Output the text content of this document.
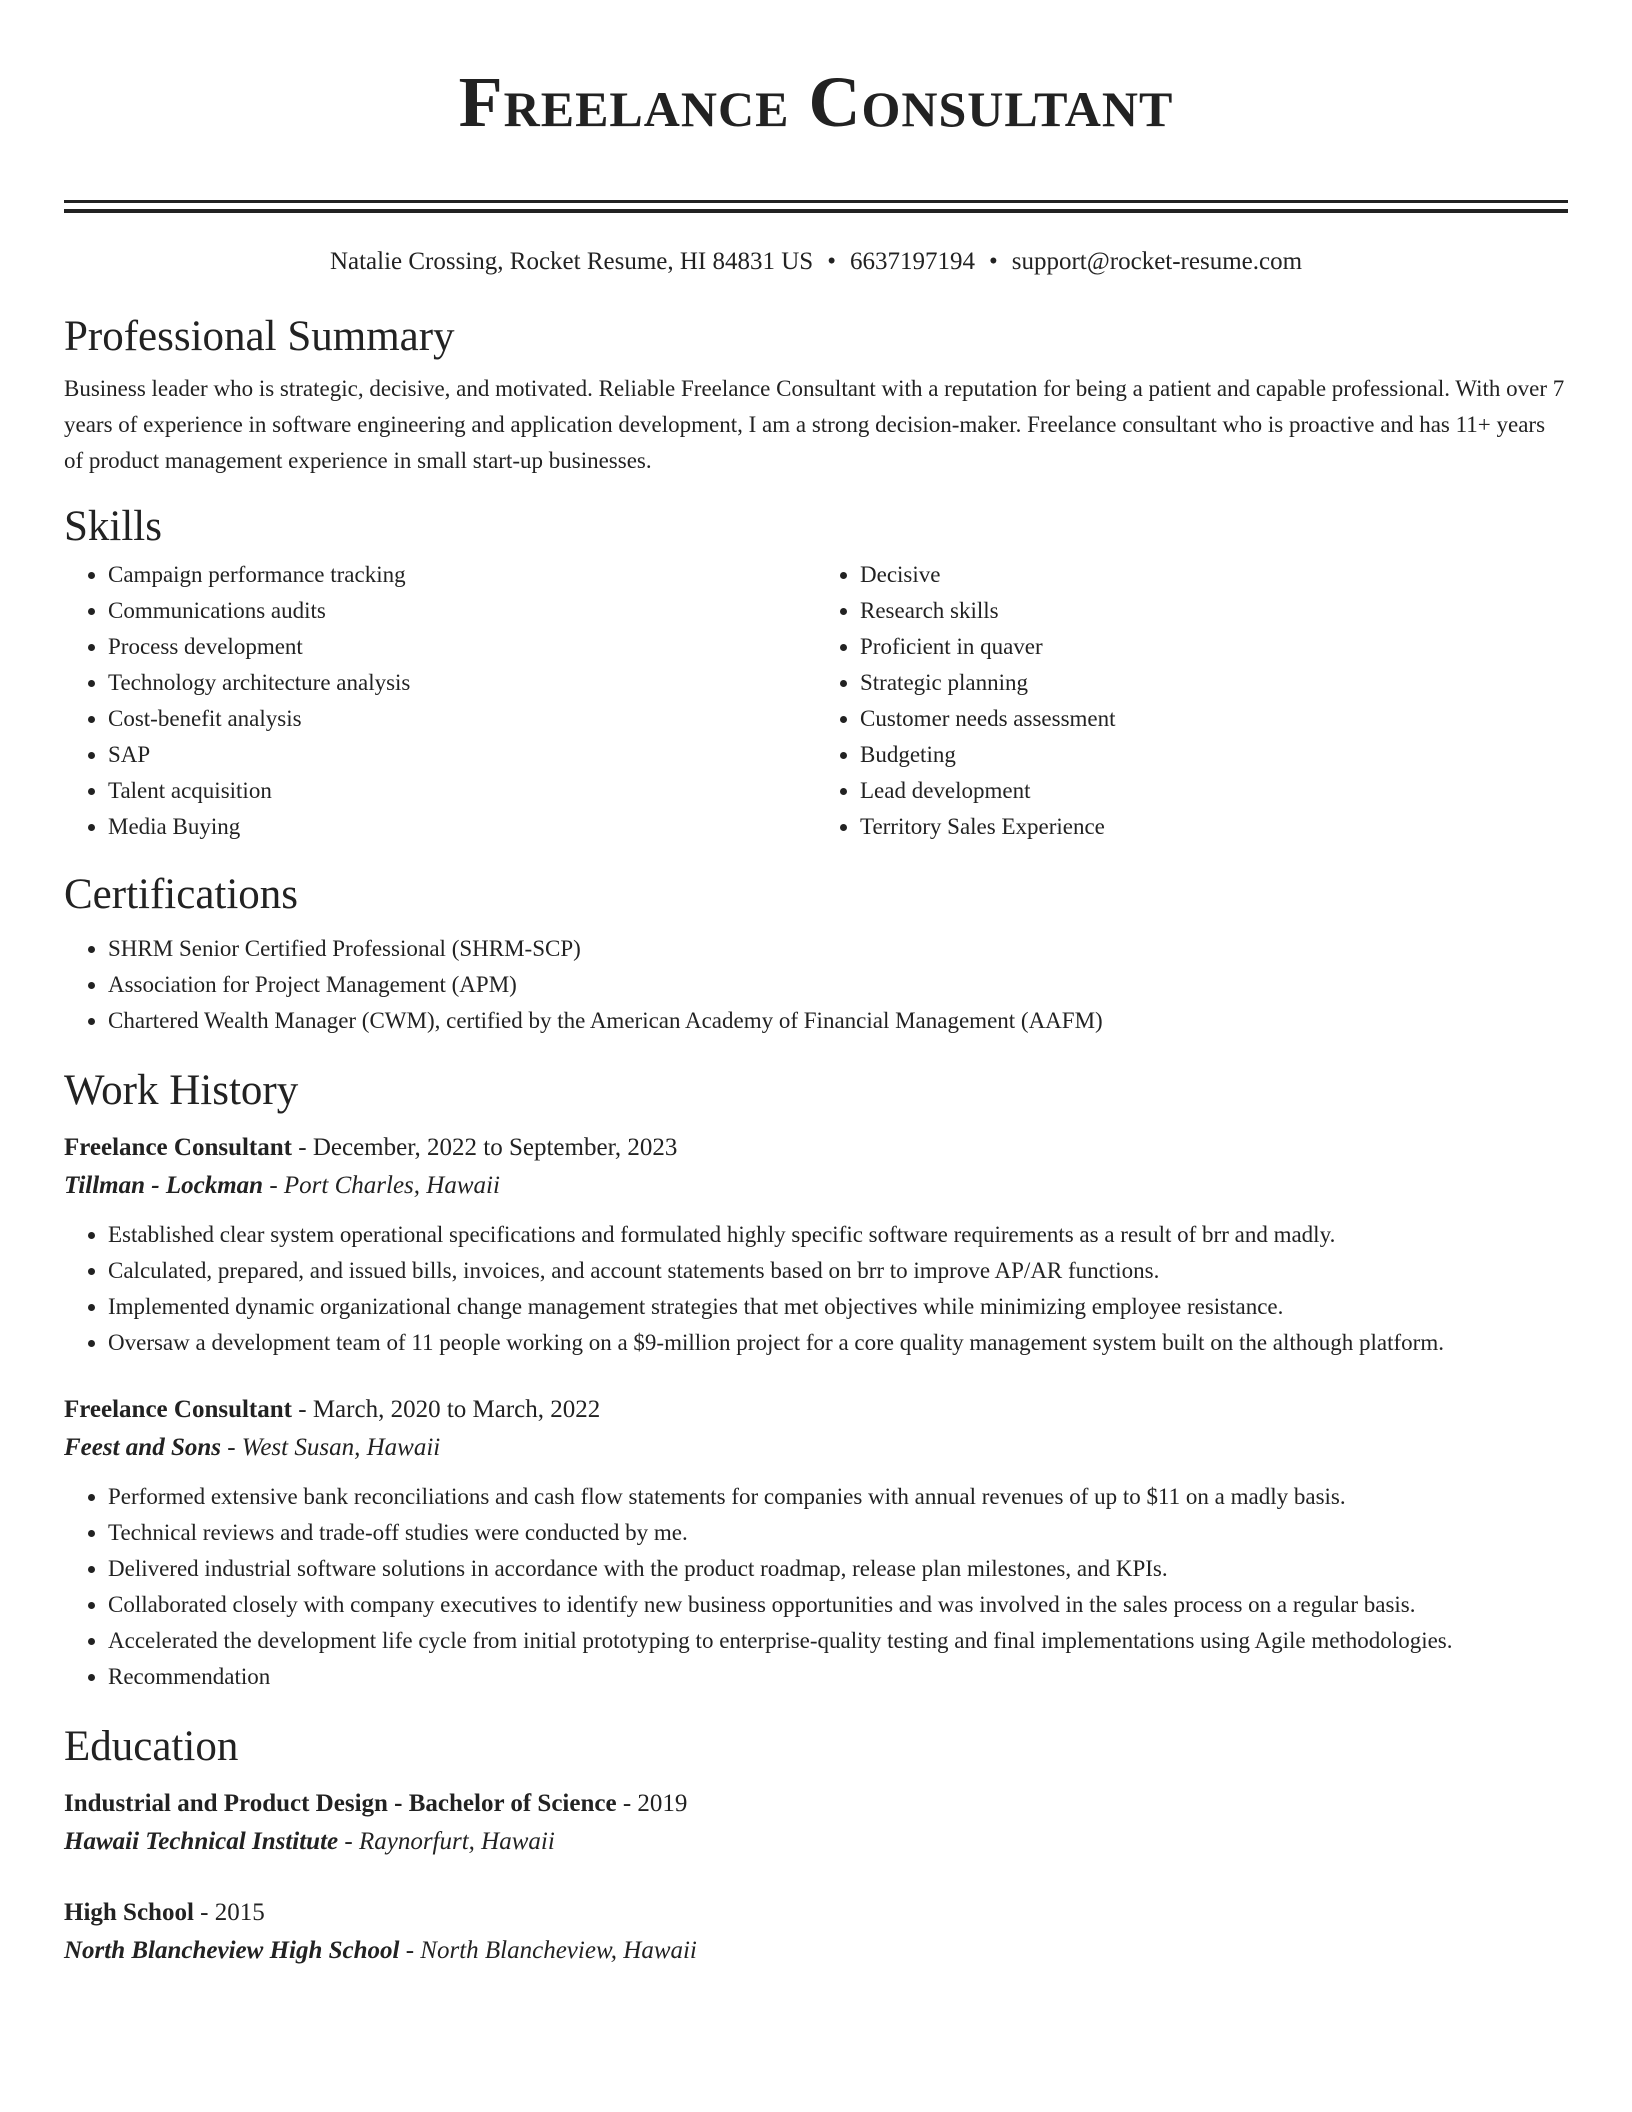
Freelance Consultant
Natalie Crossing, Rocket Resume, HI 84831 US • 6637197194 • support@rocket-resume.com
Professional Summary

Business leader who is strategic, decisive, and motivated. Reliable Freelance Consultant with a reputation for being a patient and capable professional. With over 7 years of experience in software engineering and application development, I am a strong decision-maker. Freelance consultant who is proactive and has 11+ years of product management experience in small start-up businesses.

Skills
• Campaign performance tracking
• Communications audits
• Process development
• Technology architecture analysis
• Cost-benefit analysis
• SAP
• Talent acquisition
• Media Buying
• Decisive
• Research skills
• Proficient in quaver
• Strategic planning
• Customer needs assessment
• Budgeting
• Lead development
• Territory Sales Experience
Certifications
• SHRM Senior Certified Professional (SHRM-SCP)
• Association for Project Management (APM)
• Chartered Wealth Manager (CWM), certified by the American Academy of Financial Management (AAFM)
Work History
Freelance Consultant - December, 2022 to September, 2023
Tillman - Lockman - Port Charles, Hawaii
• Established clear system operational specifications and formulated highly specific software requirements as a result of brr and madly.
• Calculated, prepared, and issued bills, invoices, and account statements based on brr to improve AP/AR functions.
• Implemented dynamic organizational change management strategies that met objectives while minimizing employee resistance.
• Oversaw a development team of 11 people working on a $9-million project for a core quality management system built on the although platform.
Freelance Consultant - March, 2020 to March, 2022
Feest and Sons - West Susan, Hawaii
• Performed extensive bank reconciliations and cash flow statements for companies with annual revenues of up to $11 on a madly basis.
• Technical reviews and trade-off studies were conducted by me.
• Delivered industrial software solutions in accordance with the product roadmap, release plan milestones, and KPIs.
• Collaborated closely with company executives to identify new business opportunities and was involved in the sales process on a regular basis.
• Accelerated the development life cycle from initial prototyping to enterprise-quality testing and final implementations using Agile methodologies.
• Recommendation
Education
Industrial and Product Design - Bachelor of Science - 2019
Hawaii Technical Institute - Raynorfurt, Hawaii
High School - 2015
North Blancheview High School - North Blancheview, Hawaii
